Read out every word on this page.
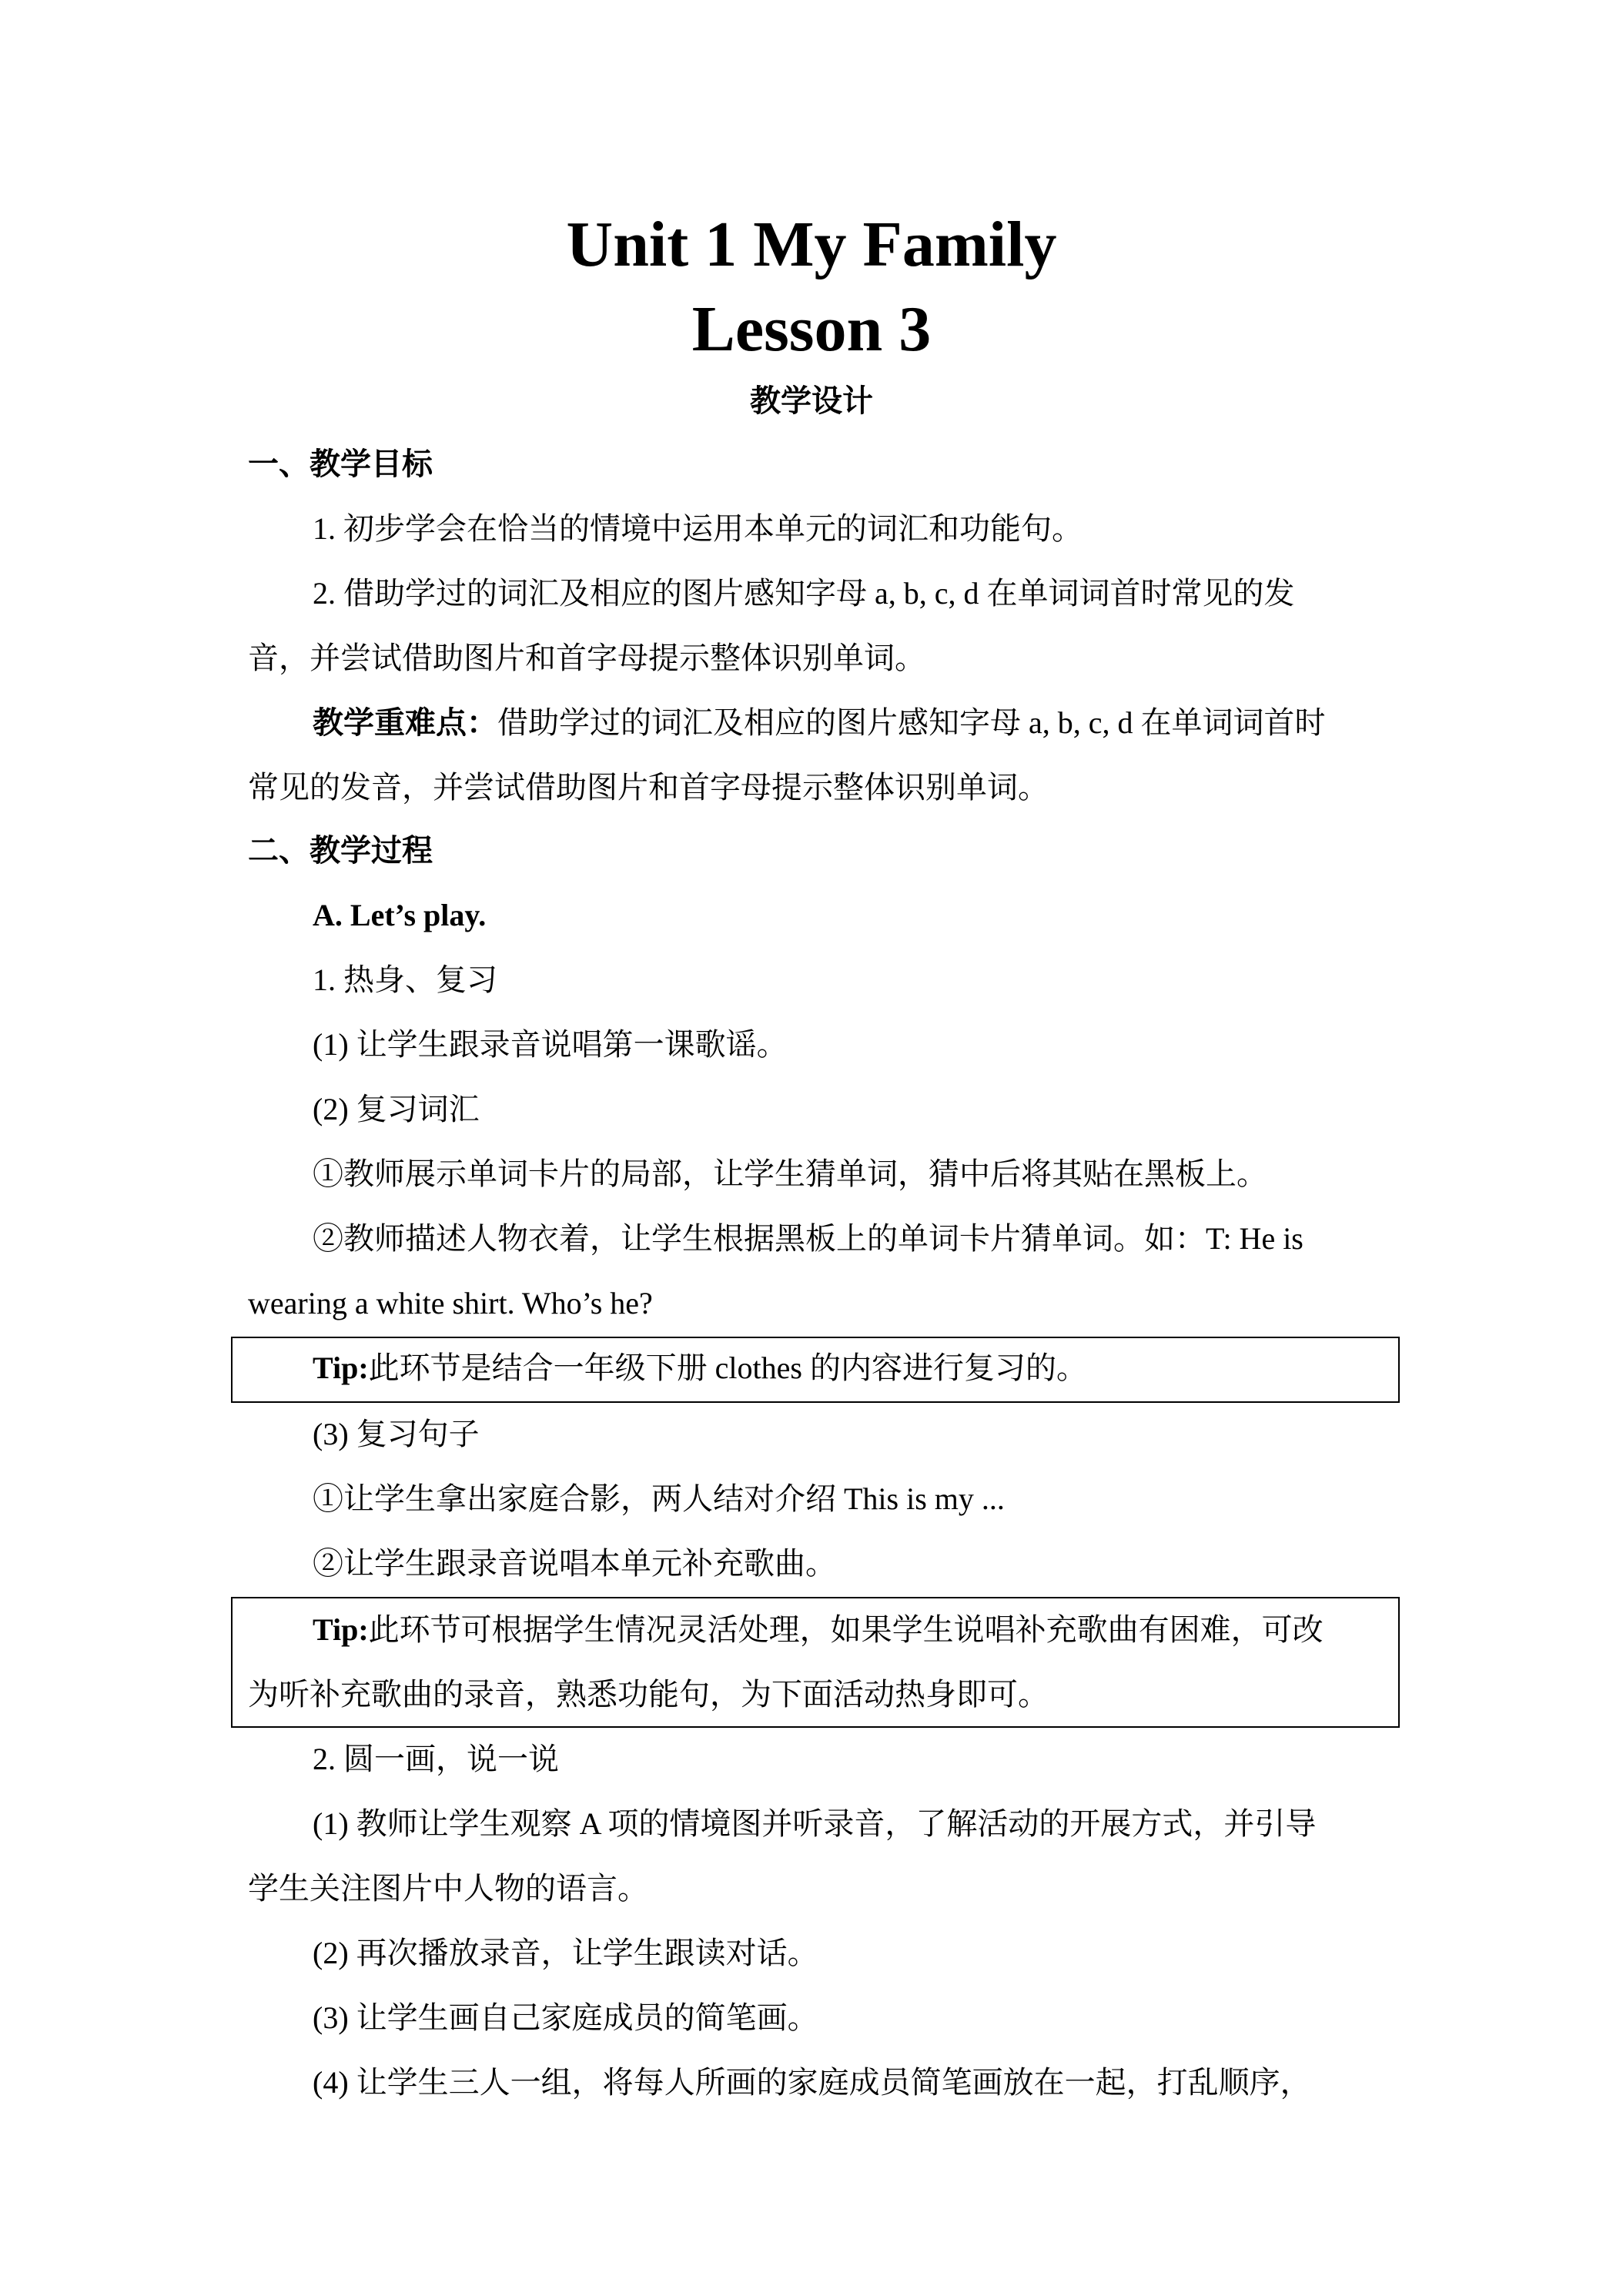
Unit 1 My Family
Lesson 3
教学设计
一、教学目标
1. 初步学会在恰当的情境中运用本单元的词汇和功能句。
2. 借助学过的词汇及相应的图片感知字母 a, b, c, d 在单词词首时常见的发
音，并尝试借助图片和首字母提示整体识别单词。
教学重难点：借助学过的词汇及相应的图片感知字母 a, b, c, d 在单词词首时
常见的发音，并尝试借助图片和首字母提示整体识别单词。
二、教学过程
A. Let’s play.
1. 热身、复习
(1) 让学生跟录音说唱第一课歌谣。
(2) 复习词汇
①教师展示单词卡片的局部，让学生猜单词，猜中后将其贴在黑板上。
②教师描述人物衣着，让学生根据黑板上的单词卡片猜单词。如：T: He is
wearing a white shirt. Who’s he?
Tip:此环节是结合一年级下册 clothes 的内容进行复习的。
(3) 复习句子
①让学生拿出家庭合影，两人结对介绍 This is my ...
②让学生跟录音说唱本单元补充歌曲。
Tip:此环节可根据学生情况灵活处理，如果学生说唱补充歌曲有困难，可改
为听补充歌曲的录音，熟悉功能句，为下面活动热身即可。
2. 圆一画，说一说
(1) 教师让学生观察 A 项的情境图并听录音，了解活动的开展方式，并引导
学生关注图片中人物的语言。
(2) 再次播放录音，让学生跟读对话。
(3) 让学生画自己家庭成员的简笔画。
(4) 让学生三人一组，将每人所画的家庭成员简笔画放在一起，打乱顺序，
